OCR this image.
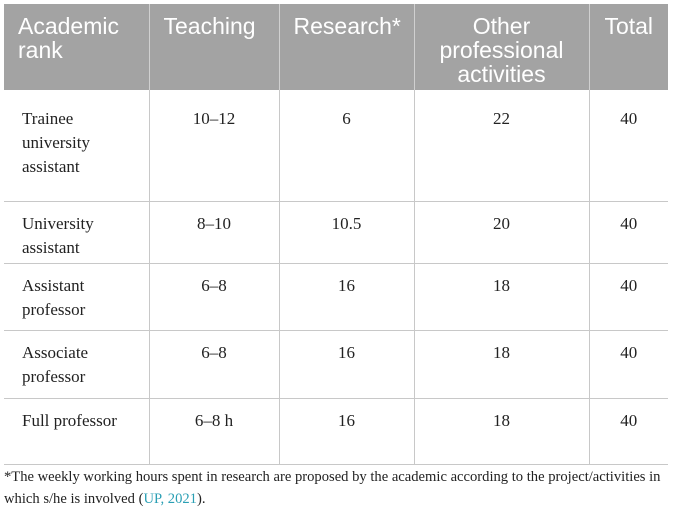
Academic rank	Teaching	Research*	Other professional activities	Total
Trainee university assistant	10–12	6	22	40
University assistant	8–10	10.5	20	40
Assistant professor	6–8	16	18	40
Associate professor	6–8	16	18	40
Full professor	6–8 h	16	18	40
*The weekly working hours spent in research are proposed by the academic according to the project/activities in which s/he is involved (UP, 2021).
